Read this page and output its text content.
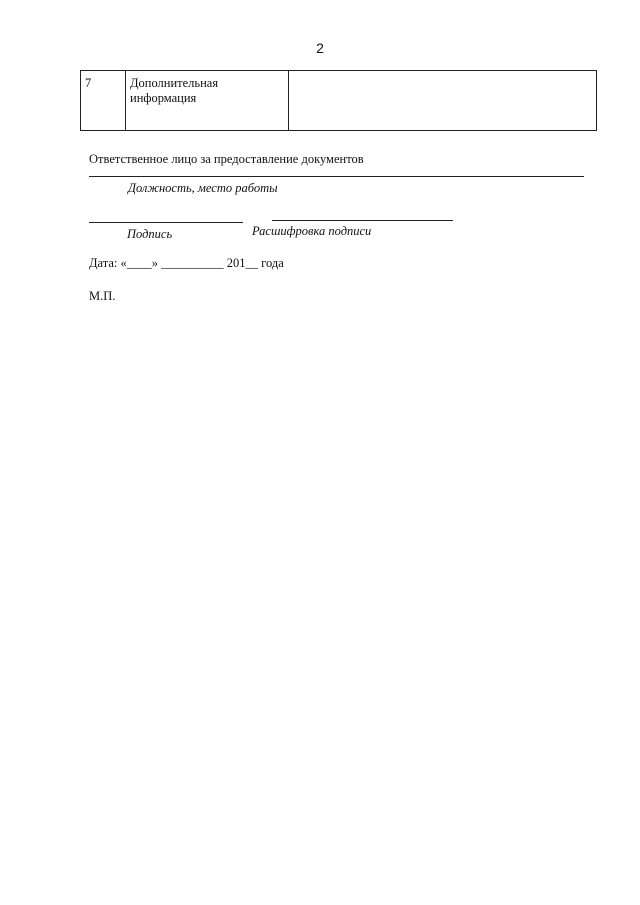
2
7	Дополнительная
информация

Ответственное лицо за предоставление документов
Должность, место работы
Подпись	Расшифровка подписи
Дата: «____» __________ 201__ года
М.П.
